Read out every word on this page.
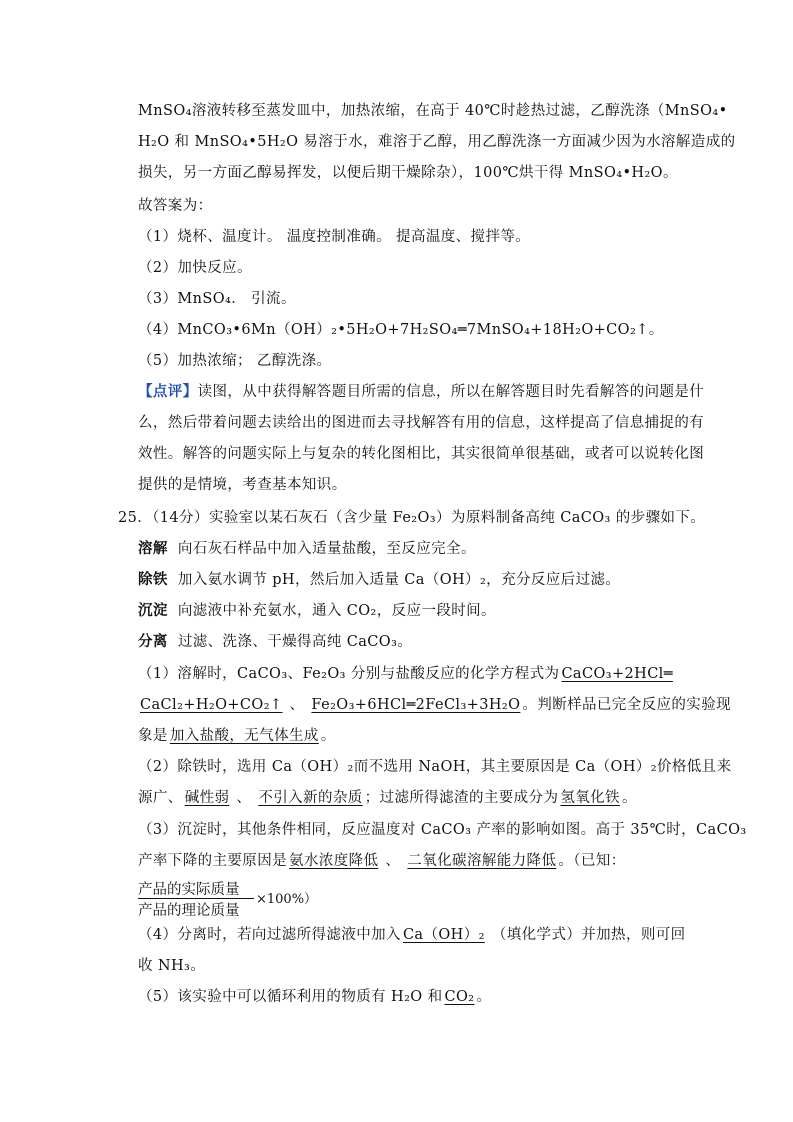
MnSO₄溶液转移至蒸发皿中，加热浓缩，在高于 40℃时趁热过滤，乙醇洗涤（MnSO₄•
H₂O 和 MnSO₄•5H₂O 易溶于水，难溶于乙醇，用乙醇洗涤一方面减少因为水溶解造成的
损失，另一方面乙醇易挥发，以便后期干燥除杂），100℃烘干得 MnSO₄•H₂O。
故答案为：
（1）烧杯、温度计。 温度控制准确。 提高温度、搅拌等。
（2）加快反应。
（3）MnSO₄． 引流。
（4）MnCO₃•6Mn（OH）₂•5H₂O+7H₂SO₄═7MnSO₄+18H₂O+CO₂↑。
（5）加热浓缩； 乙醇洗涤。
【点评】读图，从中获得解答题目所需的信息，所以在解答题目时先看解答的问题是什
么，然后带着问题去读给出的图进而去寻找解答有用的信息，这样提高了信息捕捉的有
效性。解答的问题实际上与复杂的转化图相比，其实很简单很基础，或者可以说转化图
提供的是情境，考查基本知识。
25．（14分）实验室以某石灰石（含少量 Fe₂O₃）为原料制备高纯 CaCO₃ 的步骤如下。
溶解 向石灰石样品中加入适量盐酸，至反应完全。
除铁 加入氨水调节 pH，然后加入适量 Ca（OH）₂，充分反应后过滤。
沉淀 向滤液中补充氨水，通入 CO₂，反应一段时间。
分离 过滤、洗涤、干燥得高纯 CaCO₃。
（1）溶解时，CaCO₃、Fe₂O₃ 分别与盐酸反应的化学方程式为CaCO₃+2HCl═
CaCl₂+H₂O+CO₂↑ 、 Fe₂O₃+6HCl═2FeCl₃+3H₂O。判断样品已完全反应的实验现
象是加入盐酸，无气体生成。
（2）除铁时，选用 Ca（OH）₂而不选用 NaOH，其主要原因是 Ca（OH）₂价格低且来
源广、碱性弱 、 不引入新的杂质；过滤所得滤渣的主要成分为氢氧化铁。
（3）沉淀时，其他条件相同，反应温度对 CaCO₃ 产率的影响如图。高于 35℃时，CaCO₃
产率下降的主要原因是氨水浓度降低 、 二氧化碳溶解能力降低。（已知：
产品的实际质量
产品的理论质量
×100%）
（4）分离时，若向过滤所得滤液中加入Ca（OH）₂ （填化学式）并加热，则可回
收 NH₃。
（5）该实验中可以循环利用的物质有 H₂O 和CO₂。
